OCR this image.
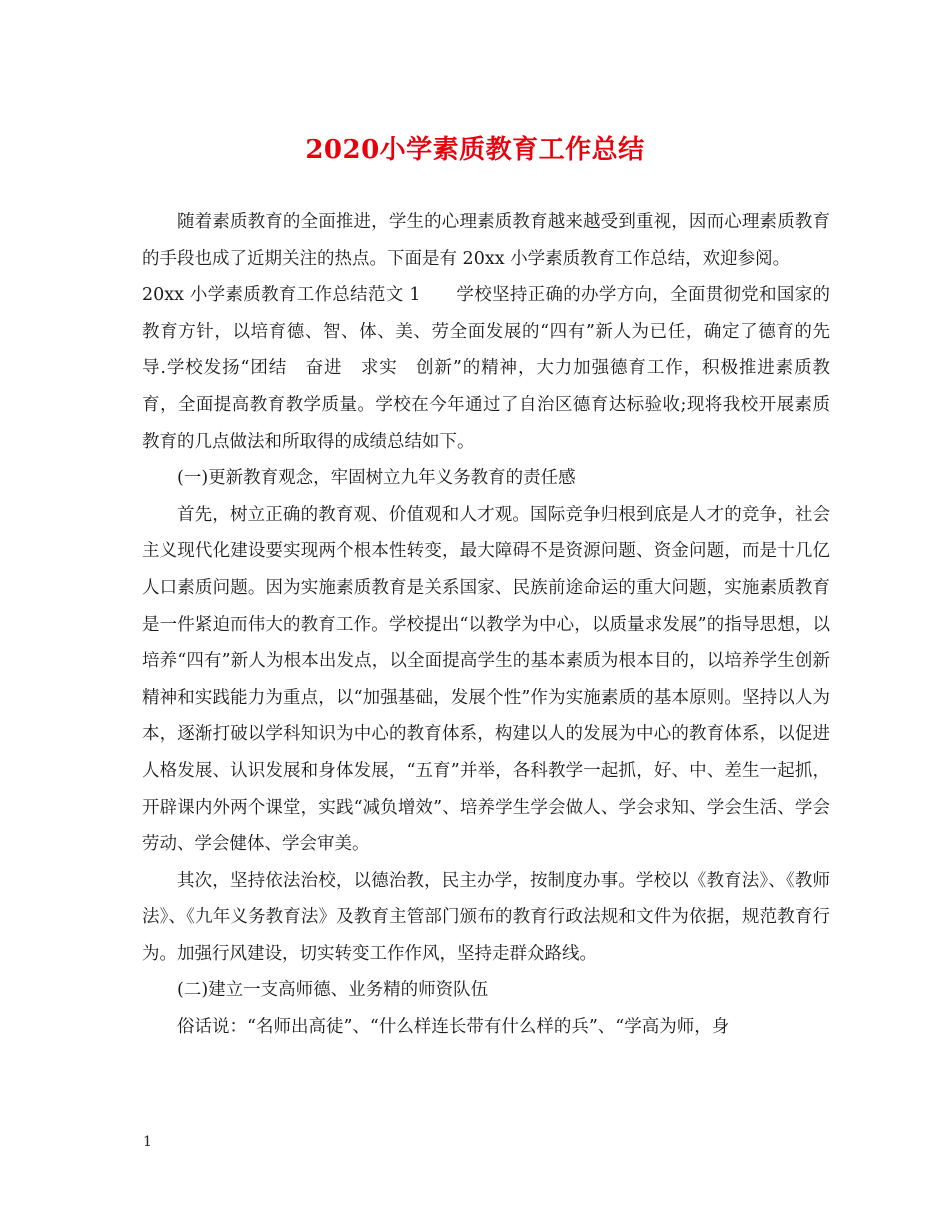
2020小学素质教育工作总结

随着素质教育的全面推进，学生的心理素质教育越来越受到重视，因而心理素质教育的手段也成了近期关注的热点。下面是有 20xx 小学素质教育工作总结，欢迎参阅。

20xx 小学素质教育工作总结范文 1　　学校坚持正确的办学方向，全面贯彻党和国家的教育方针，以培育德、智、体、美、劳全面发展的“四有”新人为已任，确定了德育的先导.学校发扬“团结　奋进　求实　创新”的精神，大力加强德育工作，积极推进素质教育，全面提高教育教学质量。学校在今年通过了自治区德育达标验收;现将我校开展素质教育的几点做法和所取得的成绩总结如下。

(一)更新教育观念，牢固树立九年义务教育的责任感

首先，树立正确的教育观、价值观和人才观。国际竞争归根到底是人才的竞争，社会主义现代化建设要实现两个根本性转变，最大障碍不是资源问题、资金问题，而是十几亿人口素质问题。因为实施素质教育是关系国家、民族前途命运的重大问题，实施素质教育是一件紧迫而伟大的教育工作。学校提出“以教学为中心，以质量求发展”的指导思想，以培养“四有”新人为根本出发点，以全面提高学生的基本素质为根本目的，以培养学生创新精神和实践能力为重点，以“加强基础，发展个性”作为实施素质的基本原则。坚持以人为本，逐渐打破以学科知识为中心的教育体系，构建以人的发展为中心的教育体系，以促进人格发展、认识发展和身体发展，“五育”并举，各科教学一起抓，好、中、差生一起抓，开辟课内外两个课堂，实践“减负增效”、培养学生学会做人、学会求知、学会生活、学会劳动、学会健体、学会审美。

其次，坚持依法治校，以德治教，民主办学，按制度办事。学校以《教育法》、《教师法》、《九年义务教育法》及教育主管部门颁布的教育行政法规和文件为依据，规范教育行为。加强行风建设，切实转变工作作风，坚持走群众路线。

(二)建立一支高师德、业务精的师资队伍

俗话说：“名师出高徒”、“什么样连长带有什么样的兵”、“学高为师，身

1
